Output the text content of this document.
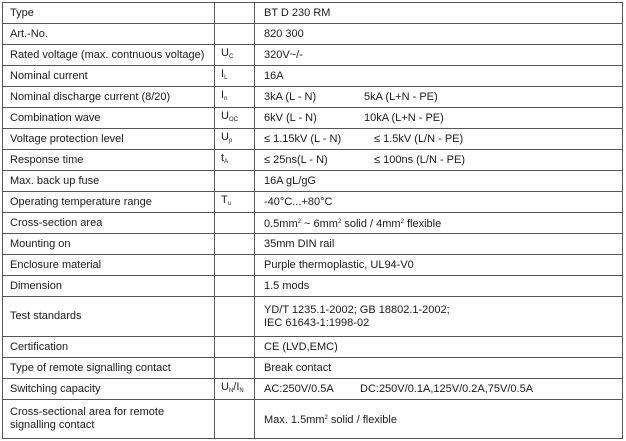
Type		BT D 230 RM
Art.-No.		820 300
Rated voltage (max. contnuous voltage)	$U_C$	320V~/-
Nominal current	$I_L$	16A
Nominal discharge current (8/20)	$I_n$	3kA (L - N) 5kA (L+N - PE)
Combination wave	$U_{OC}$	6kV (L - N) 10kA (L+N - PE)
Voltage protection level	$U_p$	≤ 1.15kV (L - N) ≤ 1.5kV (L/N - PE)
Response time	$t_A$	≤ 25ns(L - N) ≤ 100ns (L/N - PE)
Max. back up fuse		16A gL/gG
Operating temperature range	$T_u$	-40°C...+80°C
Cross-section area		$0.5mm^2$ ~ $6mm^2$ solid / $4mm^2$ flexible
Mounting on		35mm DIN rail
Enclosure material		Purple thermoplastic, UL94-V0
Dimension		1.5 mods
Test standards		YD/T 1235.1-2002; GB 18802.1-2002;
IEC 61643-1:1998-02

Certification		CE (LVD,EMC)
Type of remote signalling contact		Break contact
Switching capacity	$U_N/I_N$	AC:250V/0.5A DC:250V/0.1A,125V/0.2A,75V/0.5A

Cross-sectional area for remote
signalling contact		Max. $1.5mm^2$ solid / flexible
